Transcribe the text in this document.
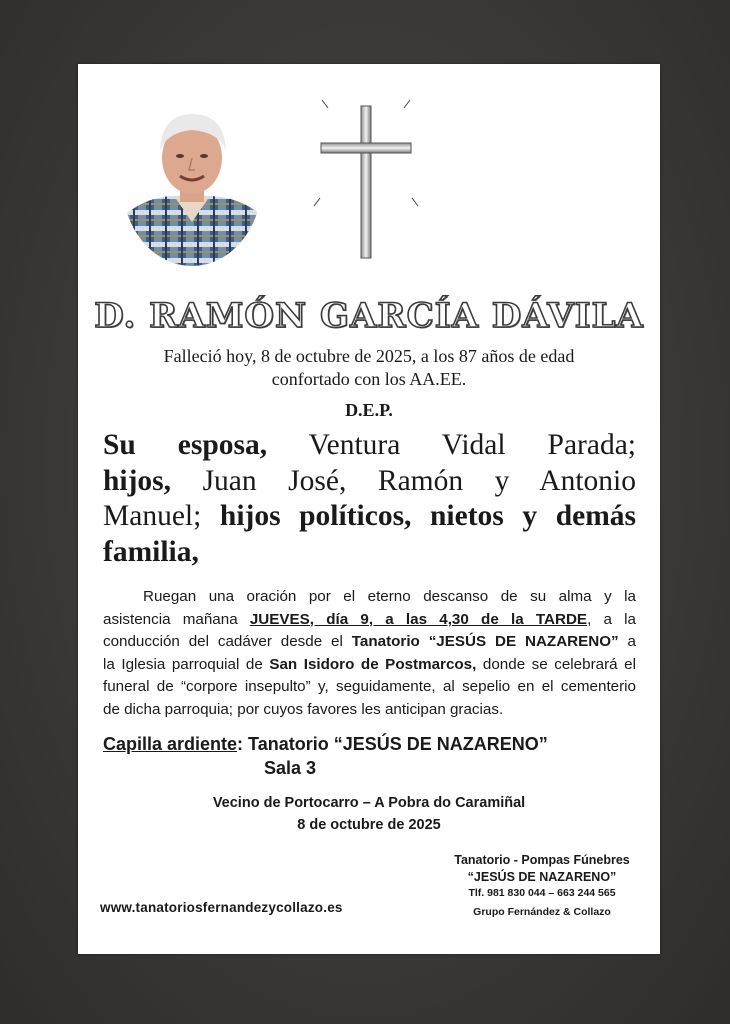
D. RAMÓN GARCÍA DÁVILA
Falleció hoy, 8 de octubre de 2025, a los 87 años de edad
confortado con los AA.EE.
D.E.P.
Su esposa, Ventura Vidal Parada;
hijos, Juan José, Ramón y Antonio
Manuel; hijos políticos, nietos y demás
familia,
Ruegan una oración por el eterno descanso de su alma y la
asistencia mañana JUEVES, día 9, a las 4,30 de la TARDE, a la
conducción del cadáver desde el Tanatorio “JESÚS DE NAZARENO” a
la Iglesia parroquial de San Isidoro de Postmarcos, donde se celebrará el
funeral de “corpore insepulto” y, seguidamente, al sepelio en el cementerio
de dicha parroquia; por cuyos favores les anticipan gracias.
Capilla ardiente: Tanatorio “JESÚS DE NAZARENO”
Sala 3
Vecino de Portocarro – A Pobra do Caramiñal
8 de octubre de 2025
www.tanatoriosfernandezycollazo.es
Tanatorio - Pompas Fúnebres
“JESÚS DE NAZARENO”
Tlf. 981 830 044 – 663 244 565
Grupo Fernández & Collazo
